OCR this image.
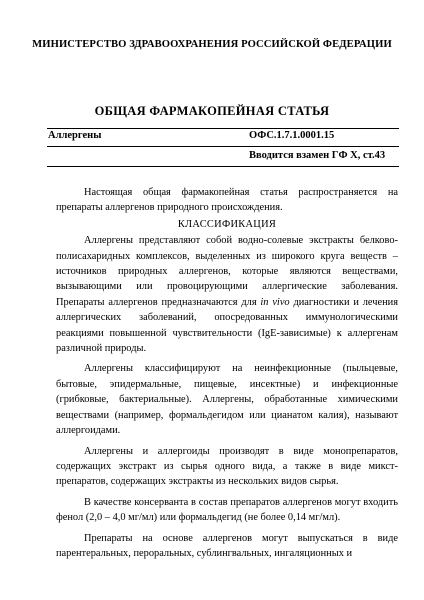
МИНИСТЕРСТВО ЗДРАВООХРАНЕНИЯ РОССИЙСКОЙ ФЕДЕРАЦИИ
ОБЩАЯ ФАРМАКОПЕЙНАЯ СТАТЬЯ
Аллергены	ОФС.1.7.1.0001.15
Вводится взамен ГФ X, ст.43

Настоящая общая фармакопейная статья распространяется на препараты аллергенов природного происхождения.

КЛАССИФИКАЦИЯ

Аллергены представляют собой водно-солевые экстракты белково-полисахаридных комплексов, выделенных из широкого круга веществ – источников природных аллергенов, которые являются веществами, вызывающими или провоцирующими аллергические заболевания. Препараты аллергенов предназначаются для in vivo диагностики и лечения аллергических заболеваний, опосредованных иммунологическими реакциями повышенной чувствительности (IgE-зависимые) к аллергенам различной природы.

Аллергены классифицируют на неинфекционные (пыльцевые, бытовые, эпидермальные, пищевые, инсектные) и инфекционные (грибковые, бактериальные). Аллергены, обработанные химическими веществами (например, формальдегидом или цианатом калия), называют аллергоидами.

Аллергены и аллергоиды производят в виде монопрепаратов, содержащих экстракт из сырья одного вида, а также в виде микст-препаратов, содержащих экстракты из нескольких видов сырья.

В качестве консерванта в состав препаратов аллергенов могут входить фенол (2,0 – 4,0 мг/мл) или формальдегид (не более 0,14 мг/мл).

Препараты на основе аллергенов могут выпускаться в виде парентеральных, пероральных, сублингвальных, ингаляционных и
